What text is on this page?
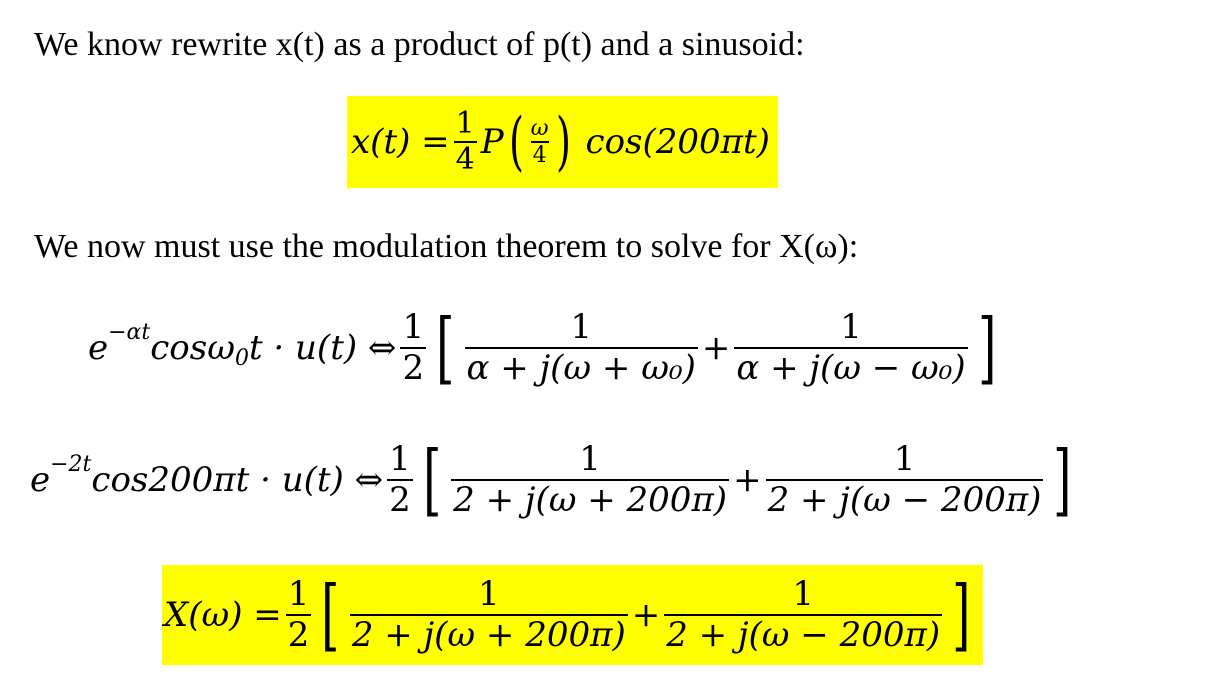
We know rewrite x(t) as a product of p(t) and a sinusoid:
$x(t) = \frac{1}{4}$ P ( $\frac{\omega}{4}$ ) cos(200πt)
We now must use the modulation theorem to solve for X(ω):
e −αt cosω 0 t · u(t) ⇔ $\frac{1}{2}$ [ $\frac{1}{\text{α + j(ω + ω₀)}} + \frac{1}{\text{α + j(ω − ω₀)}}$ ]
e −2t cos200πt · u(t) ⇔ $\frac{1}{2}$ [ $\frac{1}{2 + j(\omega + 200\pi)} + \frac{1}{2 + j(\omega - 200\pi)}$ ]
$X(\omega) = \frac{1}{2}$ [ $\frac{1}{2 + j(\omega + 200\pi)} + \frac{1}{2 + j(\omega - 200\pi)}$ ]
